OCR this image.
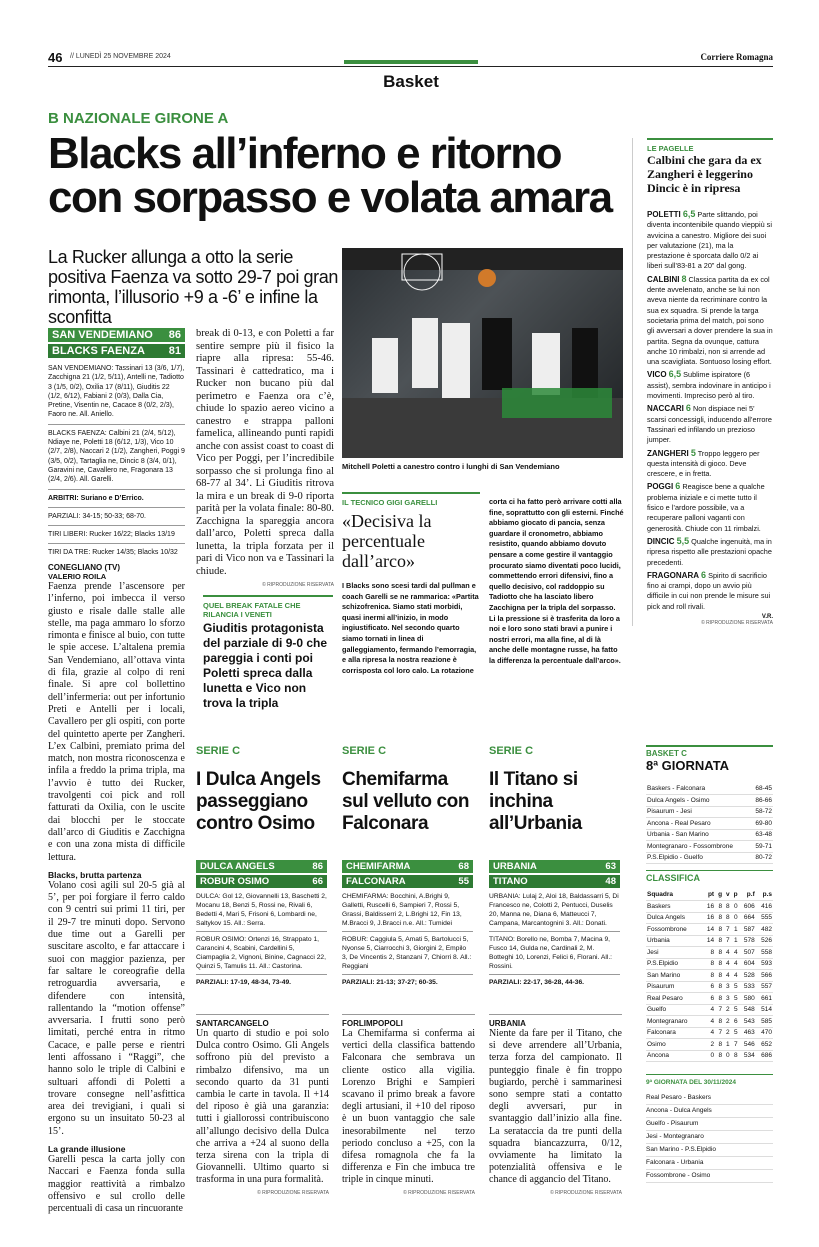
46 // LUNEDÌ 25 NOVEMBRE 2024	Corriere Romagna
Basket
B NAZIONALE GIRONE A
Blacks all’inferno e ritorno con sorpasso e volata amara
La Rucker allunga a otto la serie positiva Faenza va sotto 29-7 poi gran rimonta, l’illusorio +9 a -6’ e infine la sconfitta
SAN VENDEMIANO 86
BLACKS FAENZA 81
SAN VENDEMIANO: Tassinari 13 (3/6, 1/7), Zacchigna 21 (1/2, 5/11), Antelli ne, Tadiotto 3 (1/5, 0/2), Oxilia 17 (8/11), Giuditis 22 (1/2, 6/12), Fabiani 2 (0/3), Dalla Cia, Pretine, Visentin ne, Cacace 8 (0/2, 2/3), Faoro ne. All. Aniello.
BLACKS FAENZA: Calbini 21 (2/4, 5/12), Ndiaye ne, Poletti 18 (6/12, 1/3), Vico 10 (2/7, 2/8), Naccari 2 (1/2), Zangheri, Poggi 9 (3/5, 0/2), Tartaglia ne, Dincic 8 (3/4, 0/1), Garavini ne, Cavallero ne, Fragonara 13 (2/4, 2/6). All. Garelli.
ARBITRI: Suriano e D’Errico.
PARZIALI: 34-15; 50-33; 68-70.
TIRI LIBERI: Rucker 16/22; Blacks 13/19
TIRI DA TRE: Rucker 14/35; Blacks 10/32
CONEGLIANO (TV)
VALERIO ROILA
Faenza prende l’ascensore per l’inferno, poi imbecca il verso giusto e risale dalle stalle alle stelle, ma paga ammaro lo sforzo rimonta e finisce al buio, con tutte le spie accese. L’altalena premia San Vendemiano, all’ottava vinta di fila, grazie al colpo di reni finale. Si apre col bollettino dell’infermeria: out per infortunio Preti e Antelli per i locali, Cavallero per gli ospiti, con porte del quintetto aperte per Zangheri. L’ex Calbini, premiato prima del match, non mostra riconoscenza e infila a freddo la prima tripla, ma l’avvio è tutto dei Rucker, travolgenti coi pick and roll fatturati da Oxilia, con le uscite dai blocchi per le stoccate dall’arco di Giuditis e Zacchigna e con una zona mista di difficile lettura.
Blacks, brutta partenza
Volano così agili sul 20-5 già al 5’, per poi forgiare il ferro caldo con 9 centri sui primi 11 tiri, per il 29-7 tre minuti dopo. Servono due time out a Garelli per suscitare ascolto, e far attaccare i suoi con maggior pazienza, per far saltare le coreografie della retroguardia avversaria, e difendere con intensità, rallentando la “motion offense” avversaria. I frutti sono però limitati, perché entra in ritmo Cacace, e palle perse e rientri lenti affossano i “Raggi”, che hanno solo le triple di Calbini e sultuari affondi di Poletti a trovare consegne nell’asfittica area dei trevigiani, i quali si ergono su un insuitato 50-23 al 15’.
La grande illusione
Garelli pesca la carta jolly con Naccari e Faenza fonda sulla maggior reattività a rimbalzo offensivo e sul crollo delle percentuali di casa un rincuorante
break di 0-13, e con Poletti a far sentire sempre più il fisico la riapre alla ripresa: 55-46. Tassinari è cattedratico, ma i Rucker non bucano più dal perimetro e Faenza ora c’è, chiude lo spazio aereo vicino a canestro e strappa palloni famelica, allineando punti rapidi anche con assist coast to coast di Vico per Poggi, per l’incredibile sorpasso che si prolunga fino al 68-77 al 34’. Li Giuditis ritrova la mira e un break di 9-0 riporta parità per la volata finale: 80-80. Zacchigna la spareggia ancora dall’arco, Poletti spreca dalla lunetta, la tripla forzata per il pari di Vico non va e Tassinari la chiude.
© RIPRODUZIONE RISERVATA
QUEL BREAK FATALE CHE RILANCIA I VENETI
Giuditis protagonista del parziale di 9-0 che pareggia i conti poi Poletti spreca dalla lunetta e Vico non trova la tripla
Mitchell Poletti a canestro contro i lunghi di San Vendemiano
IL TECNICO GIGI GARELLI
«Decisiva la percentuale dall’arco»
I Blacks sono scesi tardi dal pullman e coach Garelli se ne rammarica: «Partita schizofrenica. Siamo stati morbidi, quasi inermi all’inizio, in modo ingiustificato. Nel secondo quarto siamo tornati in linea di galleggiamento, fermando l’emorragia, e alla ripresa la nostra reazione è corrisposta col loro calo. La rotazione
corta ci ha fatto però arrivare cotti alla fine, soprattutto con gli esterni. Finché abbiamo giocato di pancia, senza guardare il cronometro, abbiamo resistito, quando abbiamo dovuto pensare a come gestire il vantaggio procurato siamo diventati poco lucidi, commettendo errori difensivi, fino a quello decisivo, col raddoppio su Tadiotto che ha lasciato libero Zacchigna per la tripla del sorpasso. Li la pressione si è trasferita da loro a noi e loro sono stati bravi a punire i nostri errori, ma alla fine, al di là anche delle montagne russe, ha fatto la differenza la percentuale dall’arco».
LE PAGELLE
Calbini che gara da ex Zangheri è leggerino Dincic è in ripresa
POLETTI 6,5 Parte slittando, poi diventa incontenibile quando vieppiù si avvicina a canestro. Migliore dei suoi per valutazione (21), ma la prestazione è sporcata dallo 0/2 ai liberi sull’83-81 a 20” dal gong.
CALBINI 8 Classica partita da ex col dente avvelenato, anche se lui non aveva niente da recriminare contro la sua ex squadra. Si prende la targa societaria prima del match, poi sono gli avversari a dover prendere la sua in partita. Segna da ovunque, cattura anche 10 rimbalzi, non si arrende ad una scavigliata. Sontuoso losing effort.
VICO 6,5 Sublime ispiratore (6 assist), sembra indovinare in anticipo i movimenti. Impreciso però al tiro.
NACCARI 6 Non dispiace nei 5’ scarsi concessigli, inducendo all’errore Tassinari ed infilando un prezioso jumper.
ZANGHERI 5 Troppo leggero per questa intensità di gioco. Deve crescere, e in fretta.
POGGI 6 Reagisce bene a qualche problema iniziale e ci mette tutto il fisico e l’ardore possibile, va a recuperare palloni vaganti con generosità. Chiude con 11 rimbalzi.
DINCIC 5,5 Qualche ingenuità, ma in ripresa rispetto alle prestazioni opache precedenti.
FRAGONARA 6 Spirito di sacrificio fino ai crampi, dopo un avvio più difficile in cui non prende le misure sui pick and roll rivali.
V.R.
© RIPRODUZIONE RISERVATA
SERIE C
I Dulca Angels passeggiano contro Osimo
DULCA ANGELS	86
ROBUR OSIMO	66
DULCA: Gol 12, Giovannelli 13, Baschetti 2, Mocanu 18, Benzi 5, Rossi ne, Rivali 6, Bedetti 4, Mari 5, Frisoni 6, Lombardi ne, Saltykov 15. All.: Serra.
ROBUR OSIMO: Ortenzi 16, Strappato 1, Carancini 4, Scabini, Cardellini 5, Ciampaglia 2, Vignoni, Binine, Cagnacci 22, Quinzi 5, Tamulis 11. All.: Castorina.
PARZIALI: 17-19, 48-34, 73-49.
SANTARCANGELO
Un quarto di studio e poi solo Dulca contro Osimo. Gli Angels soffrono più del previsto a rimbalzo difensivo, ma un secondo quarto da 31 punti cambia le carte in tavola. Il +14 del riposo è già una garanzia: tutti i giallorossi contribuiscono all’allungo decisivo della Dulca che arriva a +24 al suono della terza sirena con la tripla di Giovannelli. Ultimo quarto si trasforma in una pura formalità.
© RIPRODUZIONE RISERVATA
SERIE C
Chemifarma sul velluto con Falconara
CHEMIFARMA	68
FALCONARA	55
CHEMIFARMA: Bocchini, A.Brighi 9, Galletti, Ruscelli 6, Sampieri 7, Rossi 5, Grassi, Baldisserri 2, L.Brighi 12, Fin 13, M.Bracci 9, J.Bracci n.e. All.: Tumidei
ROBUR: Caggiula 5, Amati 5, Bartolucci 5, Nyonse 5, Ciarrocchi 3, Giorgini 2, Empilo 3, De Vincentis 2, Stanzani 7, Chiorri 8. All.: Reggiani
PARZIALI: 21-13; 37-27; 60-35.
FORLIMPOPOLI
La Chemifarma si conferma ai vertici della classifica battendo Falconara che sembrava un cliente ostico alla vigilia. Lorenzo Brighi e Sampieri scavano il primo break a favore degli artusiani, il +10 del riposo è un buon vantaggio che sale inesorabilmente nel terzo periodo concluso a +25, con la difesa romagnola che fa la differenza e Fin che imbuca tre triple in cinque minuti.
© RIPRODUZIONE RISERVATA
SERIE C
Il Titano si inchina all’Urbania
URBANIA	63
TITANO	48
URBANIA: Lulaj 2, Aloi 18, Baldassarri 5, Di Francesco ne, Colotti 2, Pentucci, Duselis 20, Manna ne, Diana 6, Matteucci 7, Campana, Marcantognini 3. All.: Donati.
TITANO: Borello ne, Bomba 7, Macina 9, Fusco 14, Gulda ne, Cardinali 2, M. Botteghi 10, Lorenzi, Felici 6, Florani. All.: Rossini.
PARZIALI: 22-17, 36-28, 44-36.
URBANIA
Niente da fare per il Titano, che si deve arrendere all’Urbania, terza forza del campionato. Il punteggio finale è fin troppo bugiardo, perchè i sammarinesi sono sempre stati a contatto degli avversari, pur in svantaggio dall’inizio alla fine. La serataccia da tre punti della squadra biancazzurra, 0/12, ovviamente ha limitato la potenzialità offensiva e le chance di aggancio del Titano.
© RIPRODUZIONE RISERVATA
BASKET C
8ª GIORNATA
Baskers - Falconara	68-45
Dulca Angels - Osimo	86-66
Pisaurum - Jesi	58-72
Ancona - Real Pesaro	69-80
Urbania - San Marino	63-48
Montegranaro - Fossombrone	59-71
P.S.Elpidio - Guelfo	80-72
CLASSIFICA
Squadra	pt	g	v	p	p.f	p.s
Baskers	16	8	8	0	606	416
Dulca Angels	16	8	8	0	664	555
Fossombrone	14	8	7	1	587	482
Urbania	14	8	7	1	578	526
Jesi	8	8	4	4	507	558
P.S.Elpidio	8	8	4	4	604	593
San Marino	8	8	4	4	528	566
Pisaurum	6	8	3	5	533	557
Real Pesaro	6	8	3	5	580	661
Guelfo	4	7	2	5	548	514
Montegranaro	4	8	2	6	543	585
Falconara	4	7	2	5	463	470
Osimo	2	8	1	7	546	652
Ancona	0	8	0	8	534	686
9ª GIORNATA DEL 30/11/2024
Real Pesaro - Baskers
Ancona - Dulca Angels
Guelfo - Pisaurum
Jesi - Montegranaro
San Marino - P.S.Elpidio
Falconara - Urbania
Fossombrone - Osimo
